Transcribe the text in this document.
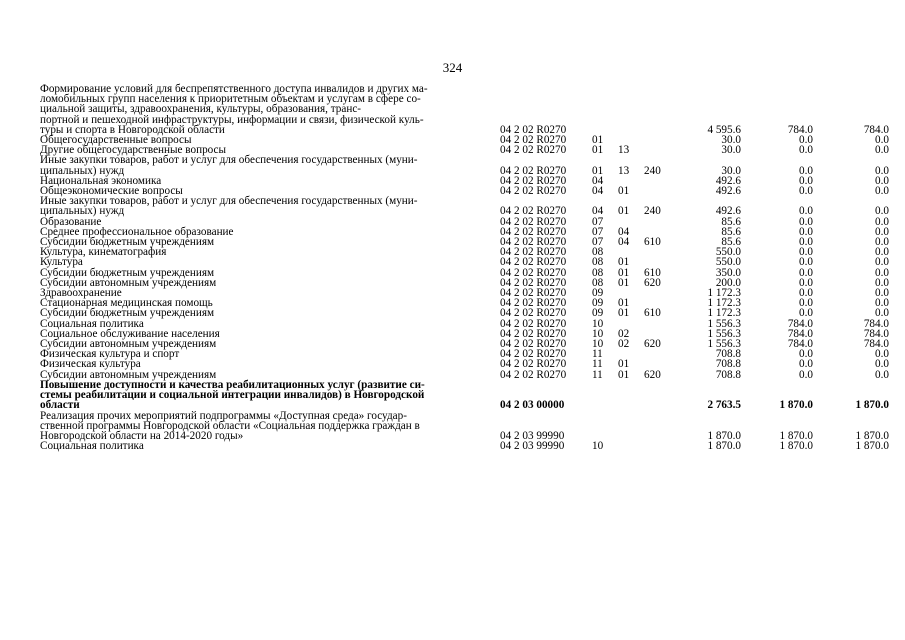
324
Формирование условий для беспрепятственного доступа инвалидов и других ма-
ломобильных групп населения к приоритетным объектам и услугам в сфере со-
циальной защиты, здравоохранения, культуры, образования, транс-
портной и пешеходной инфраструктуры, информации и связи, физической куль-
туры и спорта в Новгородской области	04 2 02 R0270				4 595.6	784.0	784.0
Общегосударственные вопросы	04 2 02 R0270	01			30.0	0.0	0.0
Другие общегосударственные вопросы	04 2 02 R0270	01	13		30.0	0.0	0.0
Иные закупки товаров, работ и услуг для обеспечения государственных (муни-
ципальных) нужд	04 2 02 R0270	01	13	240	30.0	0.0	0.0
Национальная экономика	04 2 02 R0270	04			492.6	0.0	0.0
Общеэкономические вопросы	04 2 02 R0270	04	01		492.6	0.0	0.0
Иные закупки товаров, работ и услуг для обеспечения государственных (муни-
ципальных) нужд	04 2 02 R0270	04	01	240	492.6	0.0	0.0
Образование	04 2 02 R0270	07			85.6	0.0	0.0
Среднее профессиональное образование	04 2 02 R0270	07	04		85.6	0.0	0.0
Субсидии бюджетным учреждениям	04 2 02 R0270	07	04	610	85.6	0.0	0.0
Культура, кинематография	04 2 02 R0270	08			550.0	0.0	0.0
Культура	04 2 02 R0270	08	01		550.0	0.0	0.0
Субсидии бюджетным учреждениям	04 2 02 R0270	08	01	610	350.0	0.0	0.0
Субсидии автономным учреждениям	04 2 02 R0270	08	01	620	200.0	0.0	0.0
Здравоохранение	04 2 02 R0270	09			1 172.3	0.0	0.0
Стационарная медицинская помощь	04 2 02 R0270	09	01		1 172.3	0.0	0.0
Субсидии бюджетным учреждениям	04 2 02 R0270	09	01	610	1 172.3	0.0	0.0
Социальная политика	04 2 02 R0270	10			1 556.3	784.0	784.0
Социальное обслуживание населения	04 2 02 R0270	10	02		1 556.3	784.0	784.0
Субсидии автономным учреждениям	04 2 02 R0270	10	02	620	1 556.3	784.0	784.0
Физическая культура и спорт	04 2 02 R0270	11			708.8	0.0	0.0
Физическая культура	04 2 02 R0270	11	01		708.8	0.0	0.0
Субсидии автономным учреждениям	04 2 02 R0270	11	01	620	708.8	0.0	0.0
Повышение доступности и качества реабилитационных услуг (развитие си-
стемы реабилитации и социальной интеграции инвалидов) в Новгородской
области	04 2 03 00000				2 763.5	1 870.0	1 870.0
Реализация прочих мероприятий подпрограммы «Доступная среда» государ-
ственной программы Новгородской области «Социальная поддержка граждан в
Новгородской области на 2014-2020 годы»	04 2 03 99990				1 870.0	1 870.0	1 870.0
Социальная политика	04 2 03 99990	10			1 870.0	1 870.0	1 870.0
